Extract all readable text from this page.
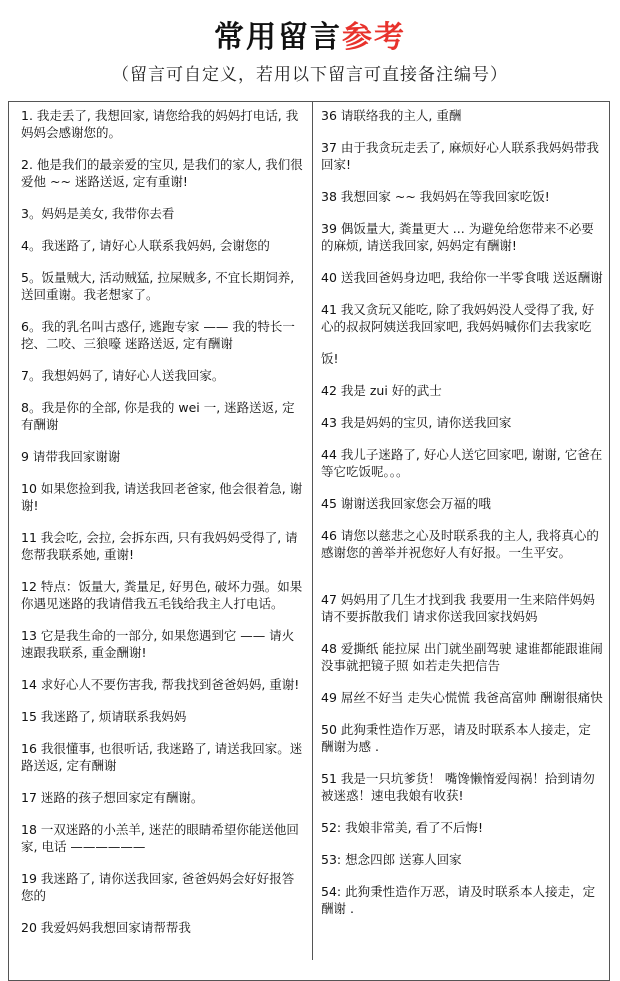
常用留言参考
（留言可自定义，若用以下留言可直接备注编号）
1. 我走丢了, 我想回家, 请您给我的妈妈打电话, 我妈妈会感谢您的。
2. 他是我们的最亲爱的宝贝, 是我们的家人, 我们很爱他 ~~ 迷路送返, 定有重谢!
3。妈妈是美女, 我带你去看
4。我迷路了, 请好心人联系我妈妈, 会谢您的
5。饭量贼大, 活动贼猛, 拉屎贼多, 不宜长期饲养, 送回重谢。我老想家了。
6。我的乳名叫古惑仔, 逃跑专家 —— 我的特长一挖、二咬、三狼嚎 迷路送返, 定有酬谢
7。我想妈妈了, 请好心人送我回家。
8。我是你的全部, 你是我的 wei 一, 迷路送返, 定有酬谢
9 请带我回家谢谢
10 如果您捡到我, 请送我回老爸家, 他会很着急, 谢谢!
11 我会吃, 会拉, 会拆东西, 只有我妈妈受得了, 请您帮我联系她, 重谢!
12 特点：饭量大, 粪量足, 好男色, 破坏力强。如果你遇见迷路的我请借我五毛钱给我主人打电话。
13 它是我生命的一部分, 如果您遇到它 —— 请火速跟我联系, 重金酬谢!
14 求好心人不要伤害我, 帮我找到爸爸妈妈, 重谢!
15 我迷路了, 烦请联系我妈妈
16 我很懂事, 也很听话, 我迷路了, 请送我回家。迷路送返, 定有酬谢
17 迷路的孩子想回家定有酬谢。
18 一双迷路的小羔羊, 迷茫的眼睛希望你能送他回家, 电话 ——————
19 我迷路了, 请你送我回家, 爸爸妈妈会好好报答您的
20 我爱妈妈我想回家请帮帮我
36 请联络我的主人, 重酬
37 由于我贪玩走丢了, 麻烦好心人联系我妈妈带我回家!
38 我想回家 ~~ 我妈妈在等我回家吃饭!
39 偶饭量大, 粪量更大 ... 为避免给您带来不必要的麻烦, 请送我回家, 妈妈定有酬谢!
40 送我回爸妈身边吧, 我给你一半零食哦 送返酬谢
41 我又贪玩又能吃, 除了我妈妈没人受得了我, 好心的叔叔阿姨送我回家吧, 我妈妈喊你们去我家吃
饭!
42 我是 zui 好的武士
43 我是妈妈的宝贝, 请你送我回家
44 我儿子迷路了, 好心人送它回家吧, 谢谢, 它爸在等它吃饭呢。。。
45 谢谢送我回家您会万福的哦
46 请您以慈悲之心及时联系我的主人, 我将真心的感谢您的善举并祝您好人有好报。一生平安。
47 妈妈用了几生才找到我 我要用一生来陪伴妈妈 请不要拆散我们 请求你送我回家找妈妈
48 爱撕纸 能拉屎 出门就坐副驾驶 逮谁都能跟谁闹 没事就把镜子照 如若走失把信告
49 屌丝不好当 走失心慌慌 我爸高富帅 酬谢很痛快
50 此狗秉性造作万恶，请及时联系本人接走，定酬谢为感 .
51 我是一只坑爹货！ 嘴馋懒惰爱闯祸！拾到请勿被迷惑！速电我娘有收获!
52: 我娘非常美, 看了不后悔!
53: 想念四郎 送寡人回家
54: 此狗秉性造作万恶，请及时联系本人接走，定酬谢 .
